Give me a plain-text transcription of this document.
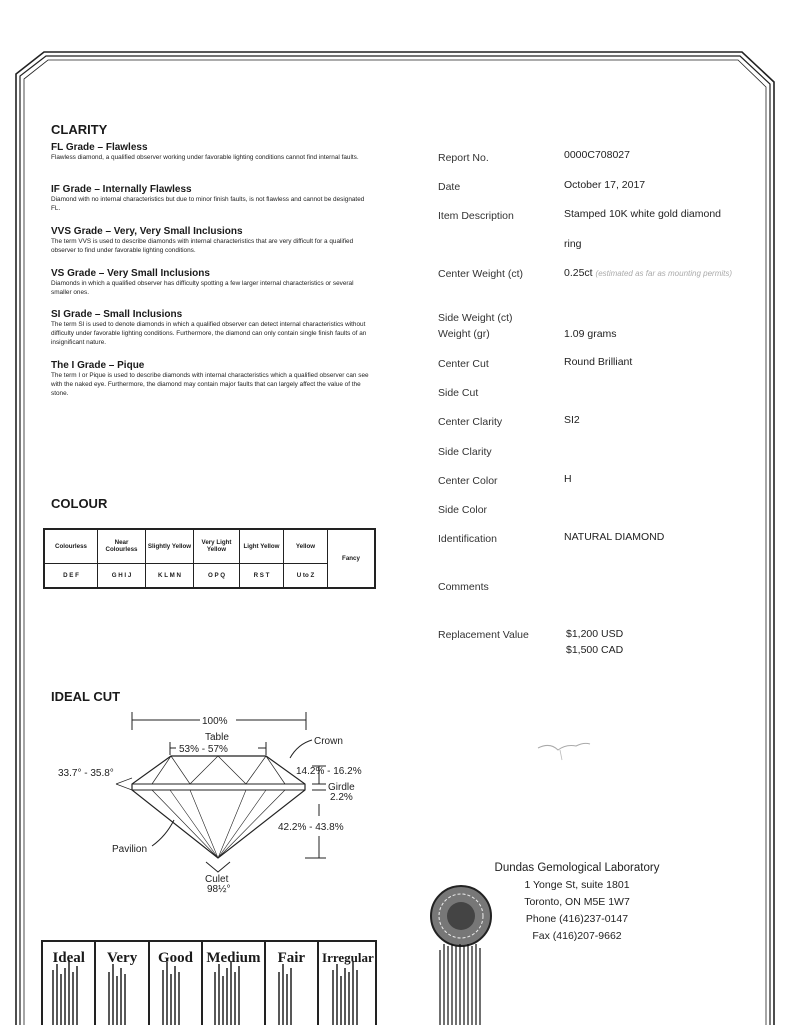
CLARITY
FL Grade – Flawless
Flawless diamond, a qualified observer working under favorable lighting conditions cannot find internal faults.
IF Grade – Internally Flawless
Diamond with no internal characteristics but due to minor finish faults, is not flawless and cannot be designated FL.
VVS Grade – Very, Very Small Inclusions
The term VVS is used to describe diamonds with internal characteristics that are very difficult for a qualified observer to find under favorable lighting conditions.
VS Grade – Very Small Inclusions
Diamonds in which a qualified observer has difficulty spotting a few larger internal characteristics or several smaller ones.
SI Grade – Small Inclusions
The term SI is used to denote diamonds in which a qualified observer can detect internal characteristics without difficulty under favorable lighting conditions. Furthermore, the diamond can only contain single finish faults of an insignificant nature.
The I Grade – Pique
The term I or Pique is used to describe diamonds with internal characteristics which a qualified observer can see with the naked eye. Furthermore, the diamond may contain major faults that can largely affect the value of the stone.
COLOUR
Colourless	Near Colourless	Slightly Yellow	Very Light Yellow	Light Yellow	Yellow	Fancy
D E F	G H I J	K L M N	O P Q	R S T	U to Z	
IDEAL CUT
100%
Table
53% - 57%
Crown
33.7° - 35.8°	14.2% - 16.2%
Girdle
2.2%
42.2% - 43.8%
Pavilion
Culet
98½°
Ideal	Very	Good Medium	Fair	Irregular
Report No.	0000C708027
Date	October 17, 2017
Item Description	Stamped 10K white gold diamond
ring
Center Weight (ct)	0.25ct (estimated as far as mounting permits)
Side Weight (ct)
Weight (gr)	1.09 grams
Center Cut	Round Brilliant
Side Cut
Center Clarity	SI2
Side Clarity
Center Color	H
Side Color
Identification	NATURAL DIAMOND
Comments
Replacement Value	$1,200 USD
$1,500 CAD
Dundas Gemological Laboratory
1 Yonge St, suite 1801
Toronto, ON M5E 1W7
Phone (416)237-0147
Fax (416)207-9662
